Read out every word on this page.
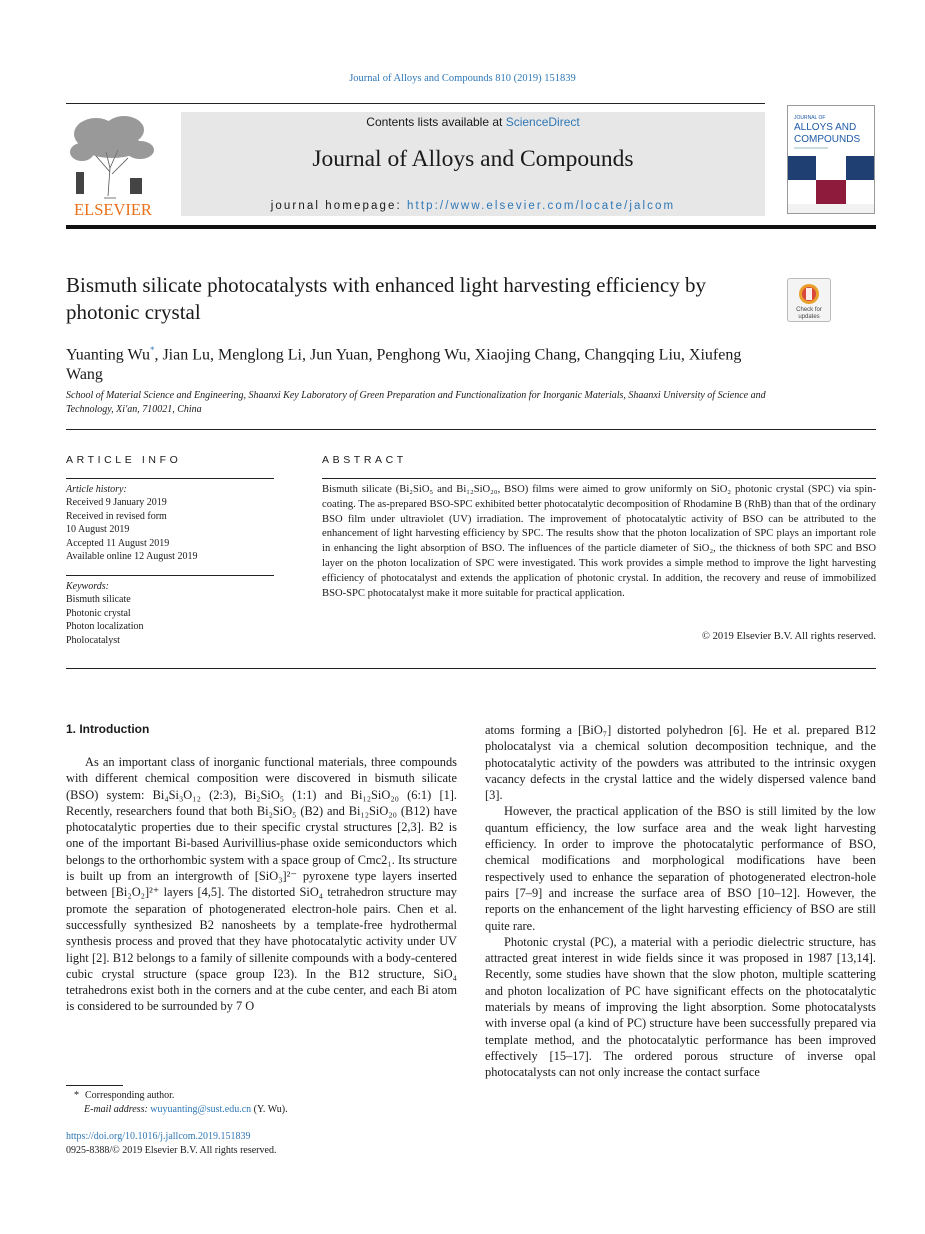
Journal of Alloys and Compounds 810 (2019) 151839
ELSEVIER
Contents lists available at ScienceDirect
Journal of Alloys and Compounds
journal homepage: http://www.elsevier.com/locate/jalcom
JOURNAL OF
ALLOYS AND
COMPOUNDS
Bismuth silicate photocatalysts with enhanced light harvesting efficiency by photonic crystal	Check for
updates
Yuanting Wu*, Jian Lu, Menglong Li, Jun Yuan, Penghong Wu, Xiaojing Chang, Changqing Liu, Xiufeng Wang
School of Material Science and Engineering, Shaanxi Key Laboratory of Green Preparation and Functionalization for Inorganic Materials, Shaanxi University of Science and Technology, Xi'an, 710021, China
ARTICLE INFO	ABSTRACT
Article history:
Received 9 January 2019
Received in revised form
10 August 2019
Accepted 11 August 2019
Available online 12 August 2019
Keywords:
Bismuth silicate
Photonic crystal
Photon localization
Pholocatalyst
Bismuth silicate (Bi₂SiO₅ and Bi₁₂SiO₂₀, BSO) films were aimed to grow uniformly on SiO₂ photonic crystal (SPC) via spin-coating. The as-prepared BSO-SPC exhibited better photocatalytic decomposition of Rhodamine B (RhB) than that of the ordinary BSO film under ultraviolet (UV) irradiation. The improvement of photocatalytic activity of BSO can be attributed to the enhancement of light harvesting efficiency by SPC. The results show that the photon localization of SPC plays an important role in enhancing the light absorption of BSO. The influences of the particle diameter of SiO₂, the thickness of both SPC and BSO layer on the photon localization of SPC were investigated. This work provides a simple method to improve the light harvesting efficiency of photocatalyst and extends the application of photonic crystal. In addition, the recovery and reuse of immobilized BSO-SPC photocatalyst make it more suitable for practical application.
© 2019 Elsevier B.V. All rights reserved.
1. Introduction

As an important class of inorganic functional materials, three compounds with different chemical composition were discovered in bismuth silicate (BSO) system: Bi₄Si₃O₁₂ (2:3), Bi₂SiO₅ (1:1) and Bi₁₂SiO₂₀ (6:1) [1]. Recently, researchers found that both Bi₂SiO₅ (B2) and Bi₁₂SiO₂₀ (B12) have photocatalytic properties due to their specific crystal structures [2,3]. B2 is one of the important Bi-based Aurivillius-phase oxide semiconductors which belongs to the orthorhombic system with a space group of Cmc2₁. Its structure is built up from an intergrowth of [SiO₃]²⁻ pyroxene type layers inserted between [Bi₂O₂]²⁺ layers [4,5]. The distorted SiO₄ tetrahedron structure may promote the separation of photogenerated electron-hole pairs. Chen et al. successfully synthesized B2 nanosheets by a template-free hydrothermal synthesis process and proved that they have photocatalytic activity under UV light [2]. B12 belongs to a family of sillenite compounds with a body-centered cubic crystal structure (space group I23). In the B12 structure, SiO₄ tetrahedrons exist both in the corners and at the cube center, and each Bi atom is considered to be surrounded by 7 O

atoms forming a [BiO₇] distorted polyhedron [6]. He et al. prepared B12 pholocatalyst via a chemical solution decomposition technique, and the photocatalytic activity of the powders was attributed to the intrinsic oxygen vacancy defects in the crystal lattice and the widely dispersed valence band [3].

However, the practical application of the BSO is still limited by the low quantum efficiency, the low surface area and the weak light harvesting efficiency. In order to improve the photocatalytic performance of BSO, chemical modifications and morphological modifications have been respectively used to enhance the separation of photogenerated electron-hole pairs [7–9] and increase the surface area of BSO [10–12]. However, the reports on the enhancement of the light harvesting efficiency of BSO are still quite rare.

Photonic crystal (PC), a material with a periodic dielectric structure, has attracted great interest in wide fields since it was proposed in 1987 [13,14]. Recently, some studies have shown that the slow photon, multiple scattering and photon localization of PC have significant effects on the photocatalytic materials by means of improving the light absorption. Some photocatalysts with inverse opal (a kind of PC) structure have been successfully prepared via template method, and the photocatalytic performance has been improved effectively [15–17]. The ordered porous structure of inverse opal photocatalysts can not only increase the contact surface

* Corresponding author.
E-mail address: wuyuanting@sust.edu.cn (Y. Wu).
https://doi.org/10.1016/j.jallcom.2019.151839
0925-8388/© 2019 Elsevier B.V. All rights reserved.
